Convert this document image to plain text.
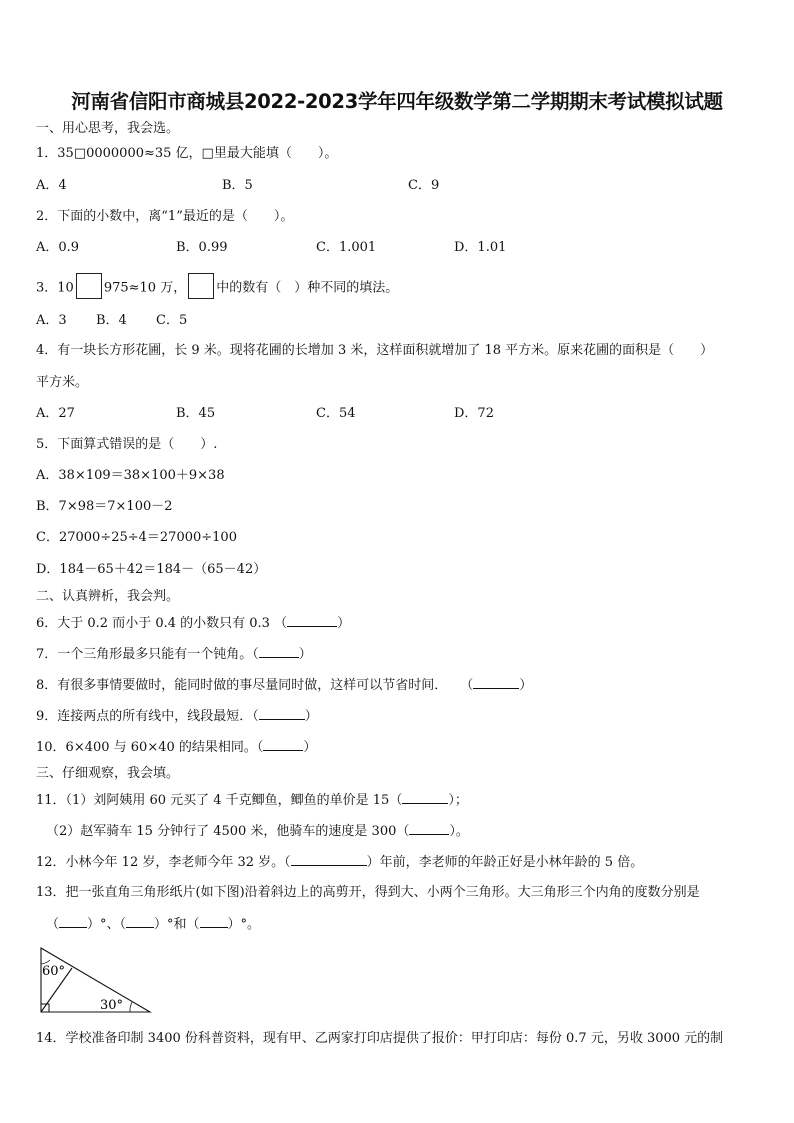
河南省信阳市商城县2022-2023学年四年级数学第二学期期末考试模拟试题
一、用心思考，我会选。
1．35□0000000≈35 亿，□里最大能填（　　）。
A．4	B．5	C．9
2．下面的小数中，离“1”最近的是（　　）。
A．0.9	B．0.99	C．1.001	D．1.01
3．10 975≈10 万， 中的数有（　）种不同的填法。
A．3 B．4 C．5
4．有一块长方形花圃，长 9 米。现将花圃的长增加 3 米，这样面积就增加了 18 平方米。原来花圃的面积是（　　）
平方米。
A．27	B．45	C．54	D．72
5．下面算式错误的是（　　）.
A．38×109＝38×100＋9×38
B．7×98＝7×100－2
C．27000÷25÷4＝27000÷100
D．184－65＋42＝184－（65－42）
二、认真辨析，我会判。
6．大于 0.2 而小于 0.4 的小数只有 0.3 （	）
7．一个三角形最多只能有一个钝角。（	）
8．有很多事情要做时，能同时做的事尽量同时做，这样可以节省时间．　　（	）
9．连接两点的所有线中，线段最短．（	）
10．6×400 与 60×40 的结果相同。（	）
三、仔细观察，我会填。
11．（1）刘阿姨用 60 元买了 4 千克鲫鱼，鲫鱼的单价是 15（	）；
（2）赵军骑车 15 分钟行了 4500 米，他骑车的速度是 300（	）。
12．小林今年 12 岁，李老师今年 32 岁。（	）年前，李老师的年龄正好是小林年龄的 5 倍。
13．把一张直角三角形纸片(如下图)沿着斜边上的高剪开，得到大、小两个三角形。大三角形三个内角的度数分别是
（ ）°、（ ）°和（ ）°。
60°
30°
14．学校准备印制 3400 份科普资料，现有甲、乙两家打印店提供了报价：甲打印店：每份 0.7 元，另收 3000 元的制
